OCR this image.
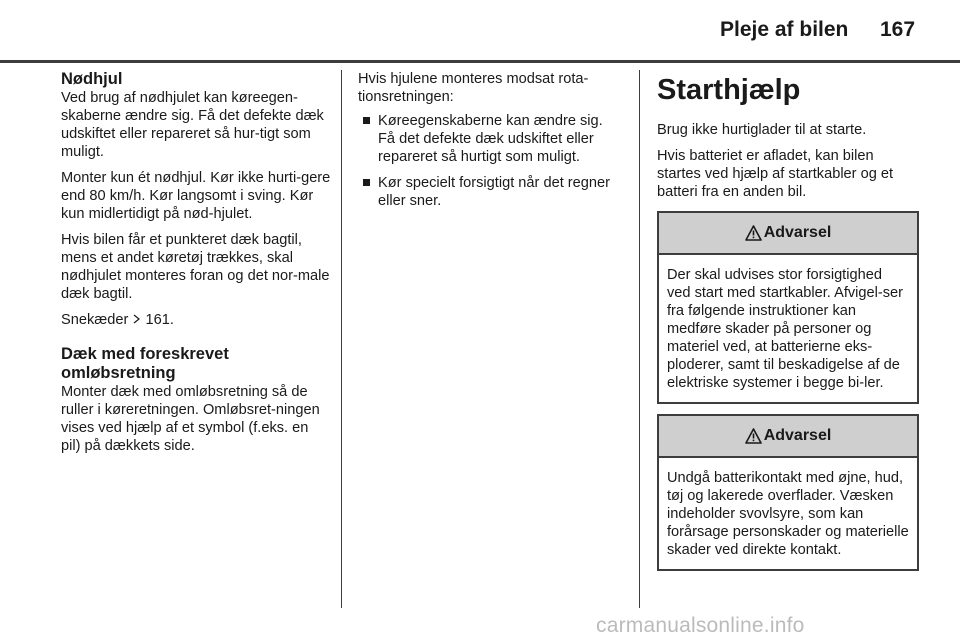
Pleje af bilen 167
Nødhjul

Ved brug af nødhjulet kan køreegen-skaberne ændre sig. Få det defekte dæk udskiftet eller repareret så hur-tigt som muligt.

Monter kun ét nødhjul. Kør ikke hurti-gere end 80 km/h. Kør langsomt i sving. Kør kun midlertidigt på nød-hjulet.

Hvis bilen får et punkteret dæk bagtil, mens et andet køretøj trækkes, skal nødhjulet monteres foran og det nor-male dæk bagtil.

Snekæder 161.

Dæk med foreskrevet omløbsretning

Monter dæk med omløbsretning så de ruller i køreretningen. Omløbsret-ningen vises ved hjælp af et symbol (f.eks. en pil) på dækkets side.

Hvis hjulene monteres modsat rota-tionsretningen:

Køreegenskaberne kan ændre sig. Få det defekte dæk udskiftet eller repareret så hurtigt som muligt.
Kør specielt forsigtigt når det regner eller sner.
Starthjælp

Brug ikke hurtiglader til at starte.

Hvis batteriet er afladet, kan bilen startes ved hjælp af startkabler og et batteri fra en anden bil.

Advarsel
Der skal udvises stor forsigtighed ved start med startkabler. Afvigel-ser fra følgende instruktioner kan medføre skader på personer og materiel ved, at batterierne eks-ploderer, samt til beskadigelse af de elektriske systemer i begge bi-ler.
Advarsel
Undgå batterikontakt med øjne, hud, tøj og lakerede overflader. Væsken indeholder svovlsyre, som kan forårsage personskader og materielle skader ved direkte kontakt.
carmanualsonline.info
